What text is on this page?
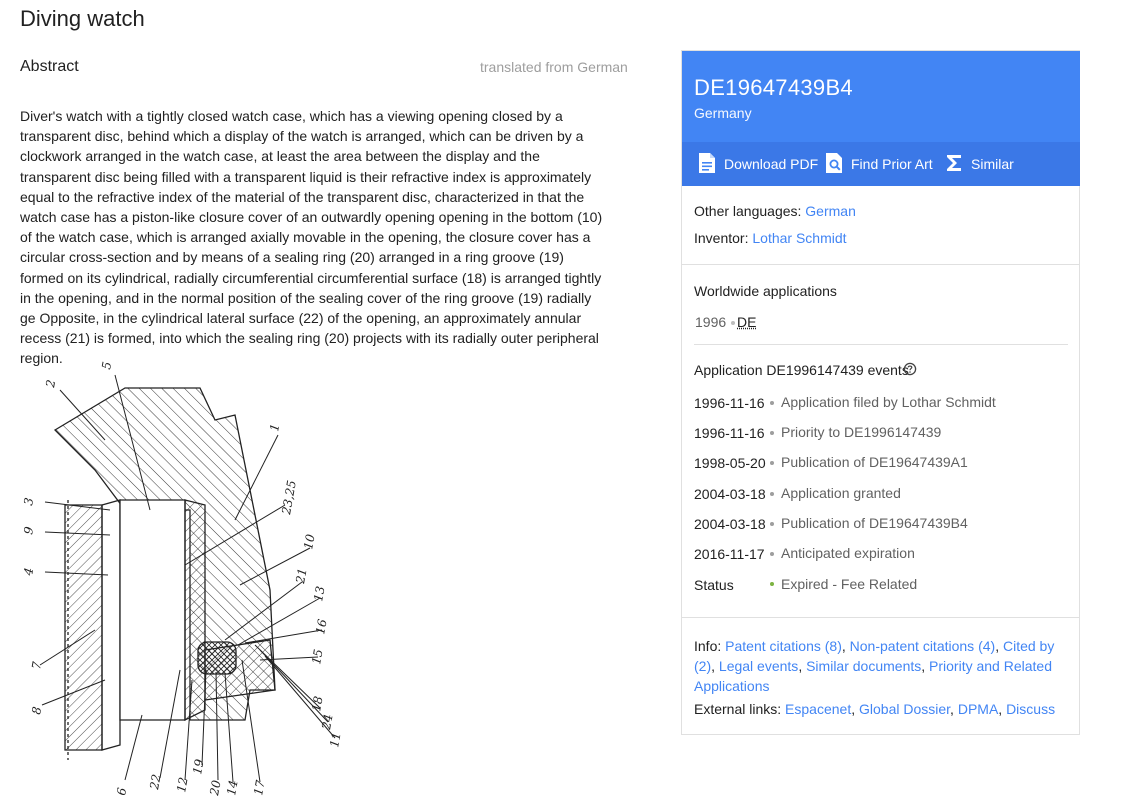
Diving watch
Abstract	translated from German
Diver's watch with a tightly closed watch case, which has a viewing opening closed by a transparent disc, behind which a display of the watch is arranged, which can be driven by a clockwork arranged in the watch case, at least the area between the display and the transparent disc being filled with a transparent liquid is their refractive index is approximately equal to the refractive index of the material of the transparent disc, characterized in that the watch case has a piston-like closure cover of an outwardly opening opening in the bottom (10) of the watch case, which is arranged axially movable in the opening, the closure cover has a circular cross-section and by means of a sealing ring (20) arranged in a ring groove (19) formed on its cylindrical, radially circumferential circumferential surface (18) is arranged tightly in the opening, and in the normal position of the sealing cover of the ring groove (19) radially ge Opposite, in the cylindrical lateral surface (22) of the opening, an approximately annular recess (21) is formed, into which the sealing ring (20) projects with its radially outer peripheral region.
2
5
1
23,25
3
9
4
10
21
13
16
15
7
8	18
24
11
6
22 12
19
20 14 17
DE19647439B4
Germany
Download PDF Find Prior Art	Similar
Other languages: German
Inventor: Lothar Schmidt
Worldwide applications
1996 DE
Application DE1996147439 events
1996-11-16 Application filed by Lothar Schmidt
1996-11-16 Priority to DE1996147439
1998-05-20 Publication of DE19647439A1
2004-03-18 Application granted
2004-03-18 Publication of DE19647439B4
2016-11-17 Anticipated expiration
Status	Expired - Fee Related
Info: Patent citations (8), Non-patent citations (4), Cited by (2), Legal events, Similar documents, Priority and Related Applications
External links: Espacenet, Global Dossier, DPMA, Discuss
